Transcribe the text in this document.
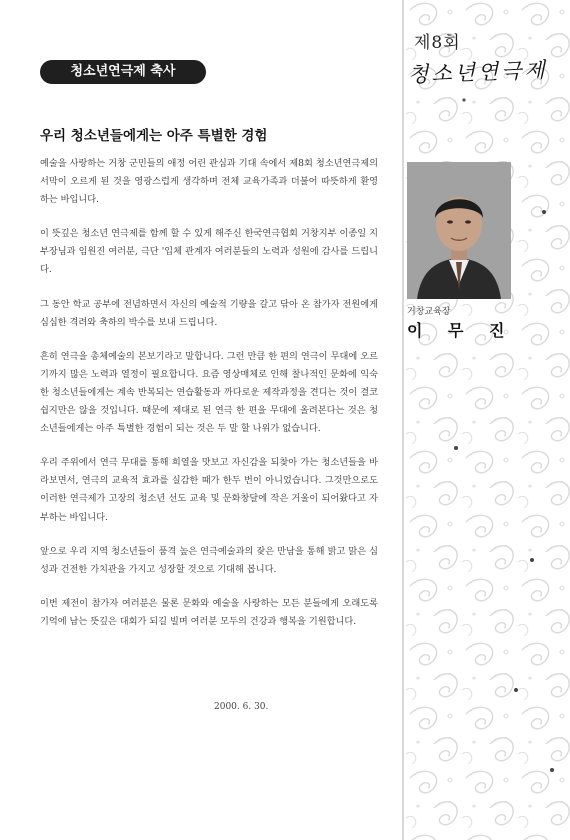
청소년연극제 축사
우리 청소년들에게는 아주 특별한 경험

예술을 사랑하는 거창 군민들의 애정 어린 관심과 기대 속에서 제8회 청소년연극제의 서막이 오르게 된 것을 영광스럽게 생각하며 전체 교육가족과 더불어 따뜻하게 환영하는 바입니다.

이 뜻깊은 청소년 연극제를 함께 할 수 있게 해주신 한국연극협회 거창지부 이종일 지부장님과 임원진 여러분, 극단 '입체 관계자 여러분들의 노력과 성원에 감사를 드립니다.

그 동안 학교 공부에 전념하면서 자신의 예술적 기량을 갈고 닦아 온 참가자 전원에게 심심한 격려와 축하의 박수를 보내 드립니다.

흔히 연극을 총체예술의 본보기라고 말합니다. 그런 만큼 한 편의 연극이 무대에 오르기까지 많은 노력과 열정이 필요합니다. 요즘 영상매체로 인해 찰나적인 문화에 익숙한 청소년들에게는 계속 반복되는 연습활동과 까다로운 제작과정을 견디는 것이 결코 쉽지만은 않을 것입니다. 때문에 제대로 된 연극 한 편을 무대에 올려본다는 것은 청소년들에게는 아주 특별한 경험이 되는 것은 두 말 할 나위가 없습니다.

우리 주위에서 연극 무대를 통해 희열을 맛보고 자신감을 되찾아 가는 청소년들을 바라보면서, 연극의 교육적 효과를 실감한 때가 한두 번이 아니었습니다. 그것만으로도 이러한 연극제가 고장의 청소년 선도 교육 및 문화창달에 작은 거울이 되어왔다고 자부하는 바입니다.

앞으로 우리 지역 청소년들이 품격 높은 연극예술과의 잦은 만남을 통해 밝고 맑은 심성과 건전한 가치관을 가지고 성장할 것으로 기대해 봅니다.

이번 제전이 참가자 여러분은 물론 문화와 예술을 사랑하는 모든 분들에게 오래도록 기억에 남는 뜻깊은 대회가 되길 빌며 여러분 모두의 건강과 행복을 기원합니다.

2000. 6. 30.
제8회
청소년연극제
거창교육장
이 무 진
